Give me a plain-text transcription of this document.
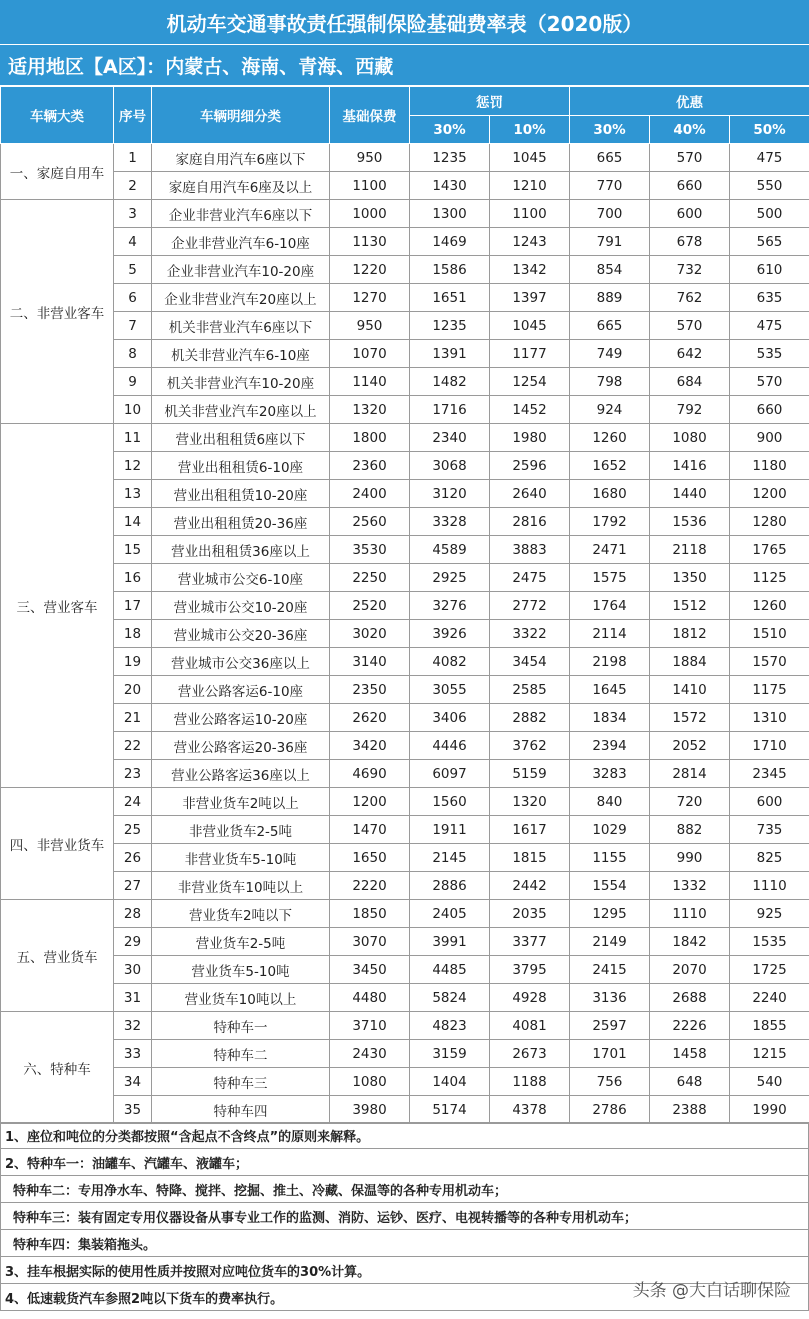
机动车交通事故责任强制保险基础费率表（2020版）
适用地区【A区】：内蒙古、海南、青海、西藏
车辆大类	序号	车辆明细分类	基础保费	惩罚		优惠		
				30%	10%	30%	40%	50%
一、家庭自用车	1	家庭自用汽车6座以下	950	1235	1045	665	570	475
	2	家庭自用汽车6座及以上	1100	1430	1210	770	660	550
二、非营业客车	3	企业非营业汽车6座以下	1000	1300	1100	700	600	500
	4	企业非营业汽车6-10座	1130	1469	1243	791	678	565
	5	企业非营业汽车10-20座	1220	1586	1342	854	732	610
	6	企业非营业汽车20座以上	1270	1651	1397	889	762	635
	7	机关非营业汽车6座以下	950	1235	1045	665	570	475
	8	机关非营业汽车6-10座	1070	1391	1177	749	642	535
	9	机关非营业汽车10-20座	1140	1482	1254	798	684	570
	10	机关非营业汽车20座以上	1320	1716	1452	924	792	660
三、营业客车	11	营业出租租赁6座以下	1800	2340	1980	1260	1080	900
	12	营业出租租赁6-10座	2360	3068	2596	1652	1416	1180
	13	营业出租租赁10-20座	2400	3120	2640	1680	1440	1200
	14	营业出租租赁20-36座	2560	3328	2816	1792	1536	1280
	15	营业出租租赁36座以上	3530	4589	3883	2471	2118	1765
	16	营业城市公交6-10座	2250	2925	2475	1575	1350	1125
	17	营业城市公交10-20座	2520	3276	2772	1764	1512	1260
	18	营业城市公交20-36座	3020	3926	3322	2114	1812	1510
	19	营业城市公交36座以上	3140	4082	3454	2198	1884	1570
	20	营业公路客运6-10座	2350	3055	2585	1645	1410	1175
	21	营业公路客运10-20座	2620	3406	2882	1834	1572	1310
	22	营业公路客运20-36座	3420	4446	3762	2394	2052	1710
	23	营业公路客运36座以上	4690	6097	5159	3283	2814	2345
四、非营业货车	24	非营业货车2吨以上	1200	1560	1320	840	720	600
	25	非营业货车2-5吨	1470	1911	1617	1029	882	735
	26	非营业货车5-10吨	1650	2145	1815	1155	990	825
	27	非营业货车10吨以上	2220	2886	2442	1554	1332	1110
五、营业货车	28	营业货车2吨以下	1850	2405	2035	1295	1110	925
	29	营业货车2-5吨	3070	3991	3377	2149	1842	1535
	30	营业货车5-10吨	3450	4485	3795	2415	2070	1725
	31	营业货车10吨以上	4480	5824	4928	3136	2688	2240
六、特种车	32	特种车一	3710	4823	4081	2597	2226	1855
	33	特种车二	2430	3159	2673	1701	1458	1215
	34	特种车三	1080	1404	1188	756	648	540
	35	特种车四	3980	5174	4378	2786	2388	1990
1、座位和吨位的分类都按照“含起点不含终点”的原则来解释。
2、特种车一：油罐车、汽罐车、液罐车；
特种车二：专用净水车、特降、搅拌、挖掘、推土、冷藏、保温等的各种专用机动车；
特种车三：装有固定专用仪器设备从事专业工作的监测、消防、运钞、医疗、电视转播等的各种专用机动车；
特种车四：集装箱拖头。
3、挂车根据实际的使用性质并按照对应吨位货车的30%计算。
4、低速载货汽车参照2吨以下货车的费率执行。	头条 @大白话聊保险
